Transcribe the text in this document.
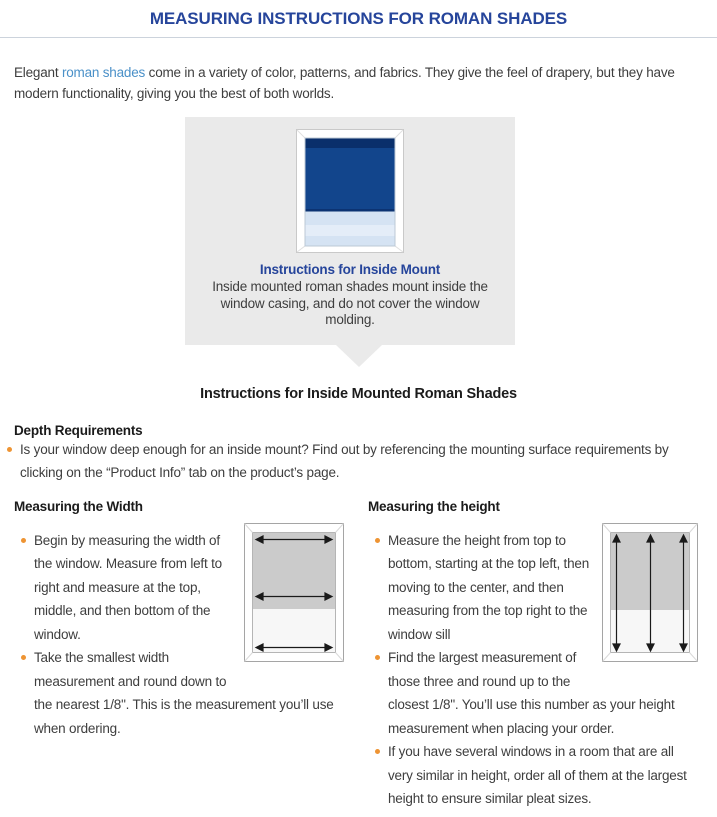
MEASURING INSTRUCTIONS FOR ROMAN SHADES

Elegant roman shades come in a variety of color, patterns, and fabrics. They give the feel of drapery, but they have modern functionality, giving you the best of both worlds.

Instructions for Inside Mount
Inside mounted roman shades mount inside the window casing, and do not cover the window molding.
Instructions for Inside Mounted Roman Shades
Depth Requirements
Is your window deep enough for an inside mount? Find out by referencing the mounting surface requirements by clicking on the “Product Info” tab on the product’s page.
Measuring the Width
Begin by measuring the width of the window. Measure from left to right and measure at the top, middle, and then bottom of the window.
Take the smallest width measurement and round down to the nearest 1/8". This is the measurement you’ll use when ordering.
Measuring the height
Measure the height from top to bottom, starting at the top left, then moving to the center, and then measuring from the top right to the window sill
Find the largest measurement of those three and round up to the closest 1/8". You’ll use this number as your height measurement when placing your order.
If you have several windows in a room that are all very similar in height, order all of them at the largest height to ensure similar pleat sizes.
